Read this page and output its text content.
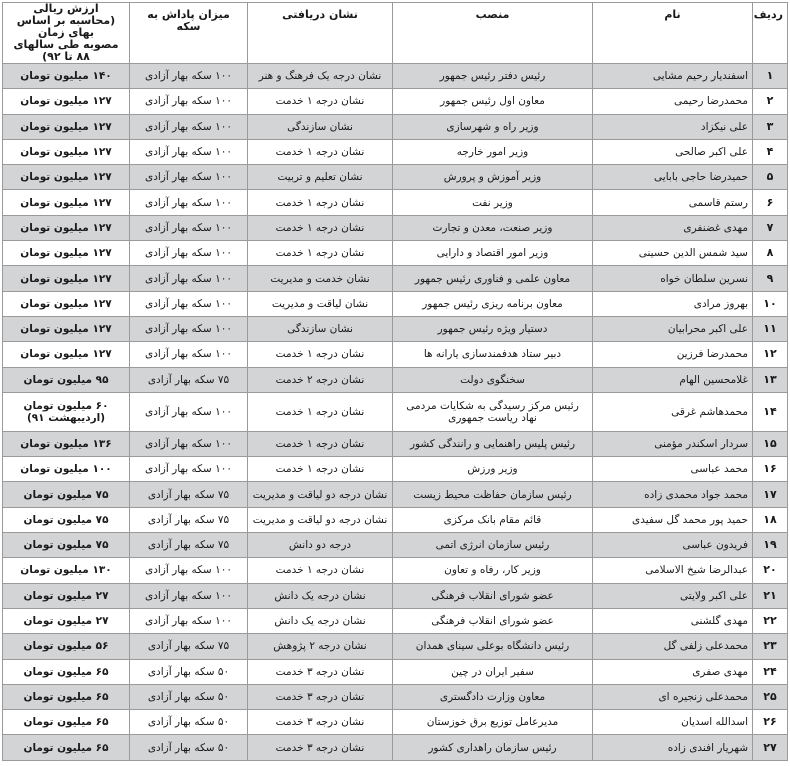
ردیف	نام	منصب	نشان دریافتی	میزان پاداش به سکه	ارزش ریالی
(محاسبه بر اساس بهای زمان
مصوبه طی سالهای ۸۸ تا ۹۲)

۱	اسفندیار رحیم مشایی	رئیس دفتر رئیس جمهور	نشان درجه یک فرهنگ و هنر	۱۰۰ سکه بهار آزادی	۱۴۰ میلیون تومان
۲	محمدرضا رحیمی	معاون اول رئیس جمهور	نشان درجه ۱ خدمت	۱۰۰ سکه بهار آزادی	۱۲۷ میلیون تومان
۳	علی نیکزاد	وزیر راه و شهرسازی	نشان سازندگی	۱۰۰ سکه بهار آزادی	۱۲۷ میلیون تومان
۴	علی اکبر صالحی	وزیر امور خارجه	نشان درجه ۱ خدمت	۱۰۰ سکه بهار آزادی	۱۲۷ میلیون تومان
۵	حمیدرضا حاجی بابایی	وزیر آموزش و پرورش	نشان تعلیم و تربیت	۱۰۰ سکه بهار آزادی	۱۲۷ میلیون تومان
۶	رستم قاسمی	وزیر نفت	نشان درجه ۱ خدمت	۱۰۰ سکه بهار آزادی	۱۲۷ میلیون تومان
۷	مهدی غضنفری	وزیر صنعت، معدن و تجارت	نشان درجه ۱ خدمت	۱۰۰ سکه بهار آزادی	۱۲۷ میلیون تومان
۸	سید شمس الدین حسینی	وزیر امور اقتصاد و دارایی	نشان درجه ۱ خدمت	۱۰۰ سکه بهار آزادی	۱۲۷ میلیون تومان
۹	نسرین سلطان خواه	معاون علمی و فناوری رئیس جمهور	نشان خدمت و مدیریت	۱۰۰ سکه بهار آزادی	۱۲۷ میلیون تومان
۱۰	بهروز مرادی	معاون برنامه ریزی رئیس جمهور	نشان لیاقت و مدیریت	۱۰۰ سکه بهار آزادی	۱۲۷ میلیون تومان
۱۱	علی اکبر محرابیان	دستیار ویژه رئیس جمهور	نشان سازندگی	۱۰۰ سکه بهار آزادی	۱۲۷ میلیون تومان
۱۲	محمدرضا فرزین	دبیر ستاد هدفمندسازی یارانه ها	نشان درجه ۱ خدمت	۱۰۰ سکه بهار آزادی	۱۲۷ میلیون تومان
۱۳	غلامحسین الهام	سخنگوی دولت	نشان درجه ۲ خدمت	۷۵ سکه بهار آزادی	۹۵ میلیون تومان
۱۴	محمدهاشم غرقی	رئیس مرکز رسیدگی به شکایات مردمی نهاد ریاست جمهوری	نشان درجه ۱ خدمت	۱۰۰ سکه بهار آزادی	۶۰ میلیون تومان (اردیبهشت ۹۱)
۱۵	سردار اسکندر مؤمنی	رئیس پلیس راهنمایی و رانندگی کشور	نشان درجه ۱ خدمت	۱۰۰ سکه بهار آزادی	۱۳۶ میلیون تومان
۱۶	محمد عباسی	وزیر ورزش	نشان درجه ۱ خدمت	۱۰۰ سکه بهار آزادی	۱۰۰ میلیون تومان
۱۷	محمد جواد محمدی زاده	رئیس سازمان حفاظت محیط زیست	نشان درجه دو لیاقت و مدیریت	۷۵ سکه بهار آزادی	۷۵ میلیون تومان
۱۸	حمید پور محمد گل سفیدی	قائم مقام بانک مرکزی	نشان درجه دو لیاقت و مدیریت	۷۵ سکه بهار آزادی	۷۵ میلیون تومان
۱۹	فریدون عباسی	رئیس سازمان انرژی اتمی	درجه دو دانش	۷۵ سکه بهار آزادی	۷۵ میلیون تومان
۲۰	عبدالرضا شیخ الاسلامی	وزیر کار، رفاه و تعاون	نشان درجه ۱ خدمت	۱۰۰ سکه بهار آزادی	۱۳۰ میلیون تومان
۲۱	علی اکبر ولایتی	عضو شورای انقلاب فرهنگی	نشان درجه یک دانش	۱۰۰ سکه بهار آزادی	۲۷ میلیون تومان
۲۲	مهدی گلشنی	عضو شورای انقلاب فرهنگی	نشان درجه یک دانش	۱۰۰ سکه بهار آزادی	۲۷ میلیون تومان
۲۳	محمدعلی زلفی گل	رئیس دانشگاه بوعلی سینای همدان	نشان درجه ۲ پژوهش	۷۵ سکه بهار آزادی	۵۶ میلیون تومان
۲۴	مهدی صفری	سفیر ایران در چین	نشان درجه ۳ خدمت	۵۰ سکه بهار آزادی	۶۵ میلیون تومان
۲۵	محمدعلی زنجیره ای	معاون وزارت دادگستری	نشان درجه ۳ خدمت	۵۰ سکه بهار آزادی	۶۵ میلیون تومان
۲۶	اسدالله اسدیان	مدیرعامل توزیع برق خوزستان	نشان درجه ۳ خدمت	۵۰ سکه بهار آزادی	۶۵ میلیون تومان
۲۷	شهریار افندی زاده	رئیس سازمان راهداری کشور	نشان درجه ۳ خدمت	۵۰ سکه بهار آزادی	۶۵ میلیون تومان
